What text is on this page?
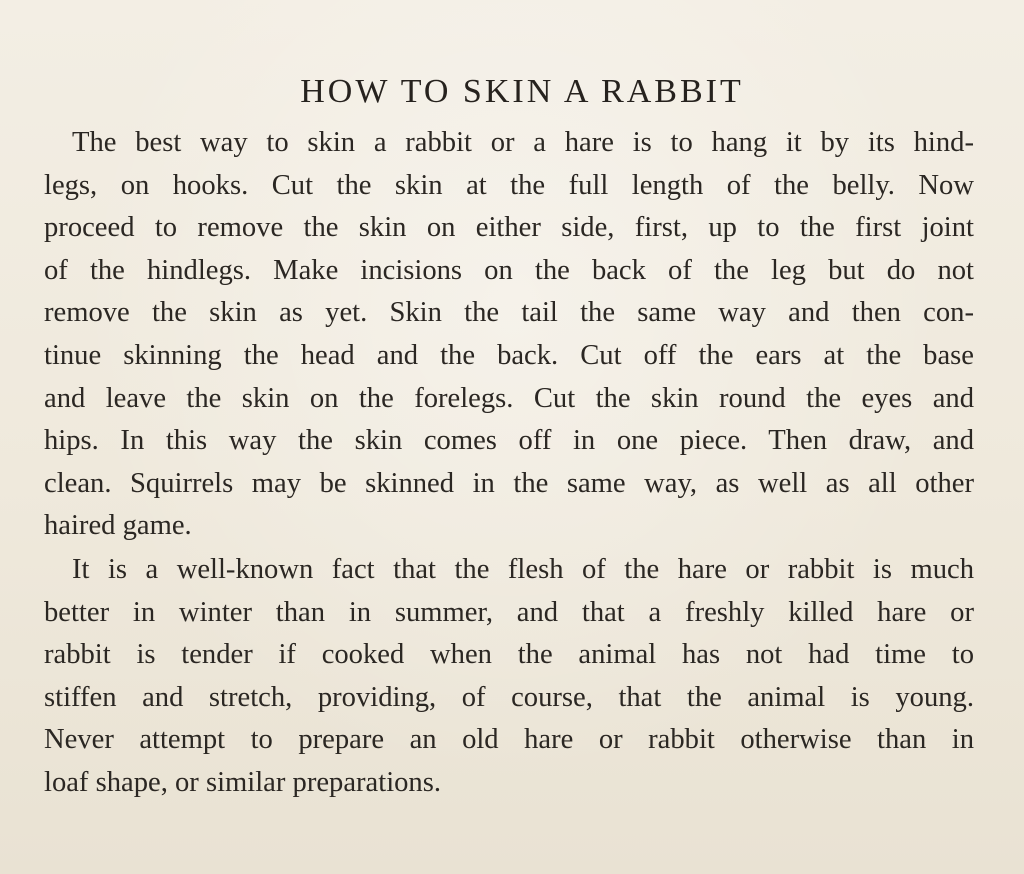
HOW TO SKIN A RABBIT

The best way to skin a rabbit or a hare is to hang it by its hind-
legs, on hooks. Cut the skin at the full length of the belly. Now
proceed to remove the skin on either side, first, up to the first joint
of the hindlegs. Make incisions on the back of the leg but do not
remove the skin as yet. Skin the tail the same way and then con-
tinue skinning the head and the back. Cut off the ears at the base
and leave the skin on the forelegs. Cut the skin round the eyes and
hips. In this way the skin comes off in one piece. Then draw, and
clean. Squirrels may be skinned in the same way, as well as all other
haired game.

It is a well-known fact that the flesh of the hare or rabbit is much
better in winter than in summer, and that a freshly killed hare or
rabbit is tender if cooked when the animal has not had time to
stiffen and stretch, providing, of course, that the animal is young.
Never attempt to prepare an old hare or rabbit otherwise than in
loaf shape, or similar preparations.
